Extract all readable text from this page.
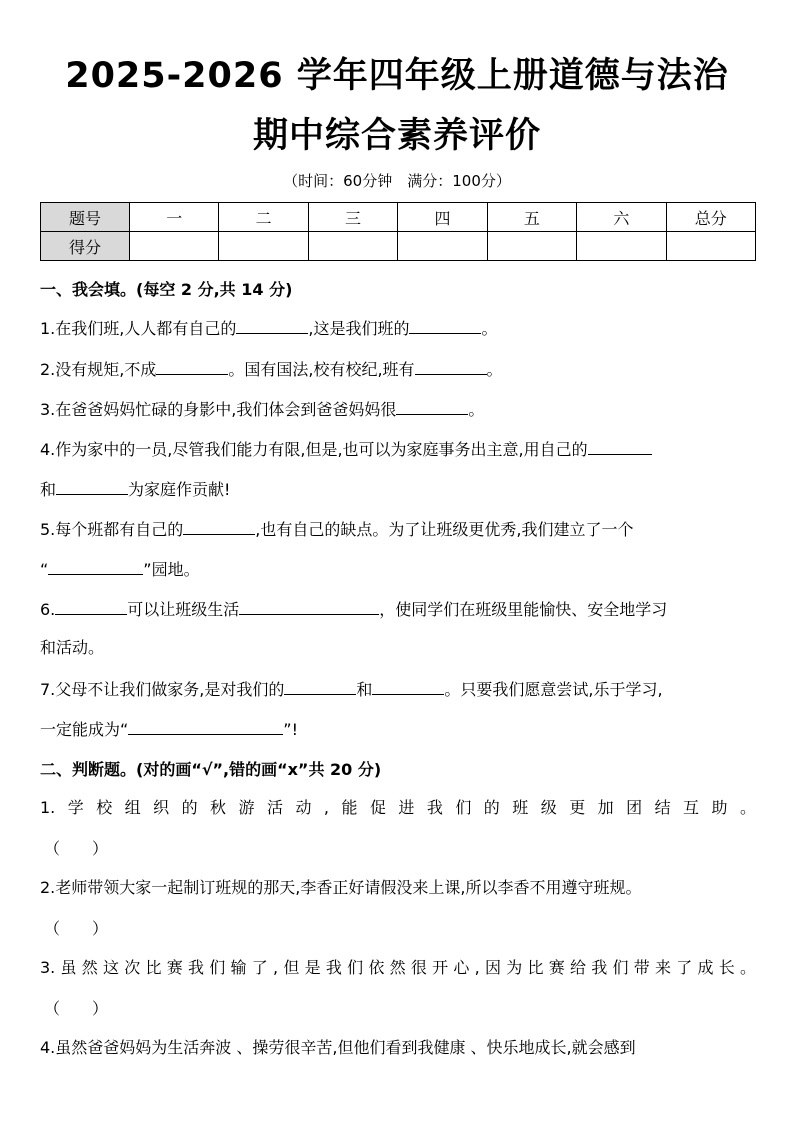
2025-2026 学年四年级上册道德与法治
期中综合素养评价
（时间：60分钟　满分：100分）
题号	一	二	三	四	五	六	总分
得分							
一、我会填。(每空 2 分,共 14 分)
1.在我们班,人人都有自己的	,这是我们班的	。
2.没有规矩,不成	。国有国法,校有校纪,班有	。
3.在爸爸妈妈忙碌的身影中,我们体会到爸爸妈妈很	。
4.作为家中的一员,尽管我们能力有限,但是,也可以为家庭事务出主意,用自己的
和	为家庭作贡献!
5.每个班都有自己的	,也有自己的缺点。为了让班级更优秀,我们建立了一个
“	”园地。
6.	可以让班级生活	，使同学们在班级里能愉快、安全地学习
和活动。
7.父母不让我们做家务,是对我们的	和	。只要我们愿意尝试,乐于学习,
一定能成为“	”!
二、判断题。(对的画“√”,错的画“x”共 20 分)
1.学校组织的秋游活动,能促进我们的班级更加团结互助。
（　　）
2.老师带领大家一起制订班规的那天,李香正好请假没来上课,所以李香不用遵守班规。
（　　）
3.虽然这次比赛我们输了,但是我们依然很开心,因为比赛给我们带来了成长。
（　　）
4.虽然爸爸妈妈为生活奔波 、操劳很辛苦,但他们看到我健康 、快乐地成长,就会感到
